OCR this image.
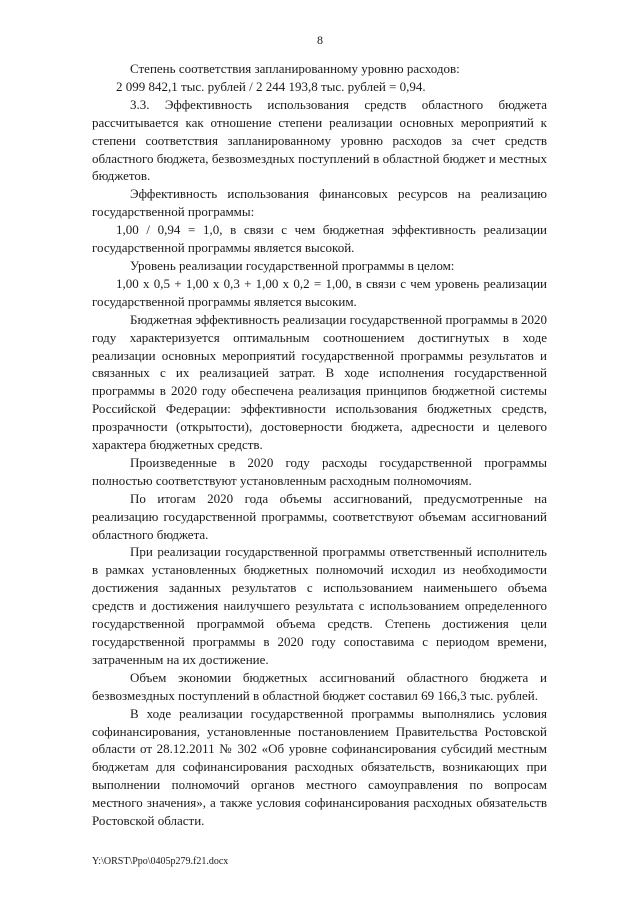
8

Степень соответствия запланированному уровню расходов:

2 099 842,1 тыс. рублей / 2 244 193,8 тыс. рублей = 0,94.

3.3. Эффективность использования средств областного бюджета рассчитывается как отношение степени реализации основных мероприятий к степени соответствия запланированному уровню расходов за счет средств областного бюджета, безвозмездных поступлений в областной бюджет и местных бюджетов.

Эффективность использования финансовых ресурсов на реализацию государственной программы:

1,00 / 0,94 = 1,0, в связи с чем бюджетная эффективность реализации государственной программы является высокой.

Уровень реализации государственной программы в целом:

1,00 х 0,5 + 1,00 х 0,3 + 1,00 х 0,2 = 1,00, в связи с чем уровень реализации государственной программы является высоким.

Бюджетная эффективность реализации государственной программы в 2020 году характеризуется оптимальным соотношением достигнутых в ходе реализации основных мероприятий государственной программы результатов и связанных с их реализацией затрат. В ходе исполнения государственной программы в 2020 году обеспечена реализация принципов бюджетной системы Российской Федерации: эффективности использования бюджетных средств, прозрачности (открытости), достоверности бюджета, адресности и целевого характера бюджетных средств.

Произведенные в 2020 году расходы государственной программы полностью соответствуют установленным расходным полномочиям.

По итогам 2020 года объемы ассигнований, предусмотренные на реализацию государственной программы, соответствуют объемам ассигнований областного бюджета.

При реализации государственной программы ответственный исполнитель в рамках установленных бюджетных полномочий исходил из необходимости достижения заданных результатов с использованием наименьшего объема средств и достижения наилучшего результата с использованием определенного государственной программой объема средств. Степень достижения цели государственной программы в 2020 году сопоставима с периодом времени, затраченным на их достижение.

Объем экономии бюджетных ассигнований областного бюджета и безвозмездных поступлений в областной бюджет составил 69 166,3 тыс. рублей.

В ходе реализации государственной программы выполнялись условия софинансирования, установленные постановлением Правительства Ростовской области от 28.12.2011 № 302 «Об уровне софинансирования субсидий местным бюджетам для софинансирования расходных обязательств, возникающих при выполнении полномочий органов местного самоуправления по вопросам местного значения», а также условия софинансирования расходных обязательств Ростовской области.

Y:\ORST\Ppo\0405p279.f21.docx
